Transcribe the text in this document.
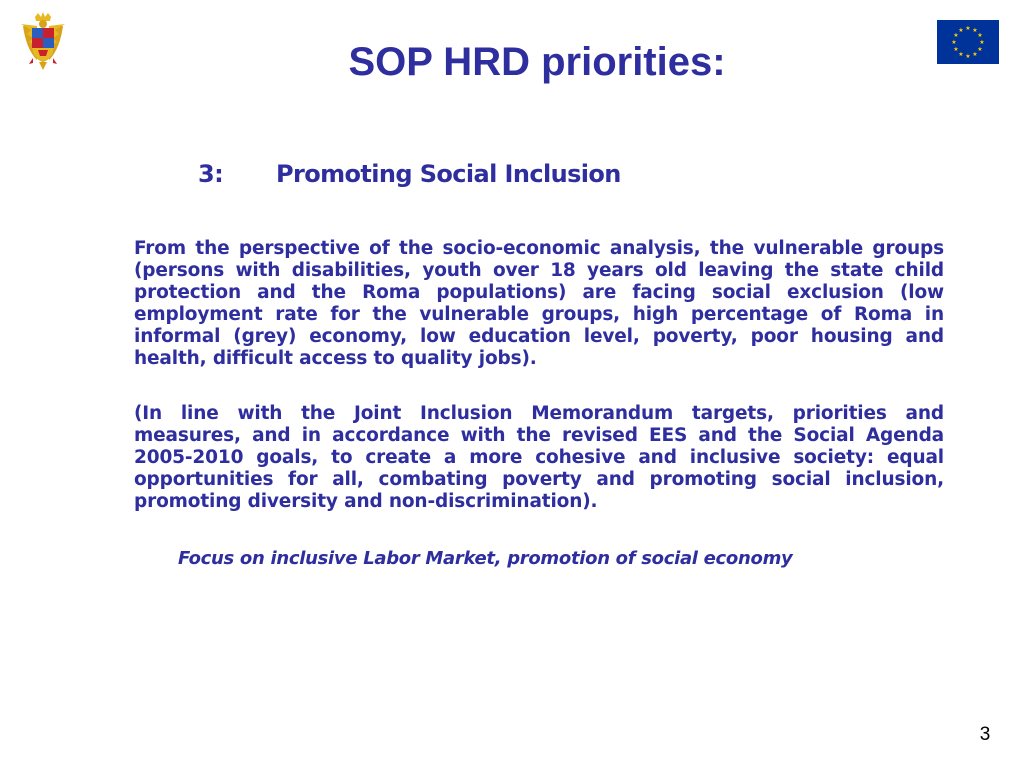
SOP HRD priorities:
★ ★
★
★
★
★
★
★
★
★
★
★
3: Promoting Social Inclusion

From the perspective of the socio-economic analysis, the vulnerable groups (persons with disabilities, youth over 18 years old leaving the state child protection and the Roma populations) are facing social exclusion (low employment rate for the vulnerable groups, high percentage of Roma in informal (grey) economy, low education level, poverty, poor housing and health, difficult access to quality jobs).

(In line with the Joint Inclusion Memorandum targets, priorities and measures, and in accordance with the revised EES and the Social Agenda 2005-2010 goals, to create a more cohesive and inclusive society: equal opportunities for all, combating poverty and promoting social inclusion, promoting diversity and non-discrimination).

Focus on inclusive Labor Market, promotion of social economy

3
